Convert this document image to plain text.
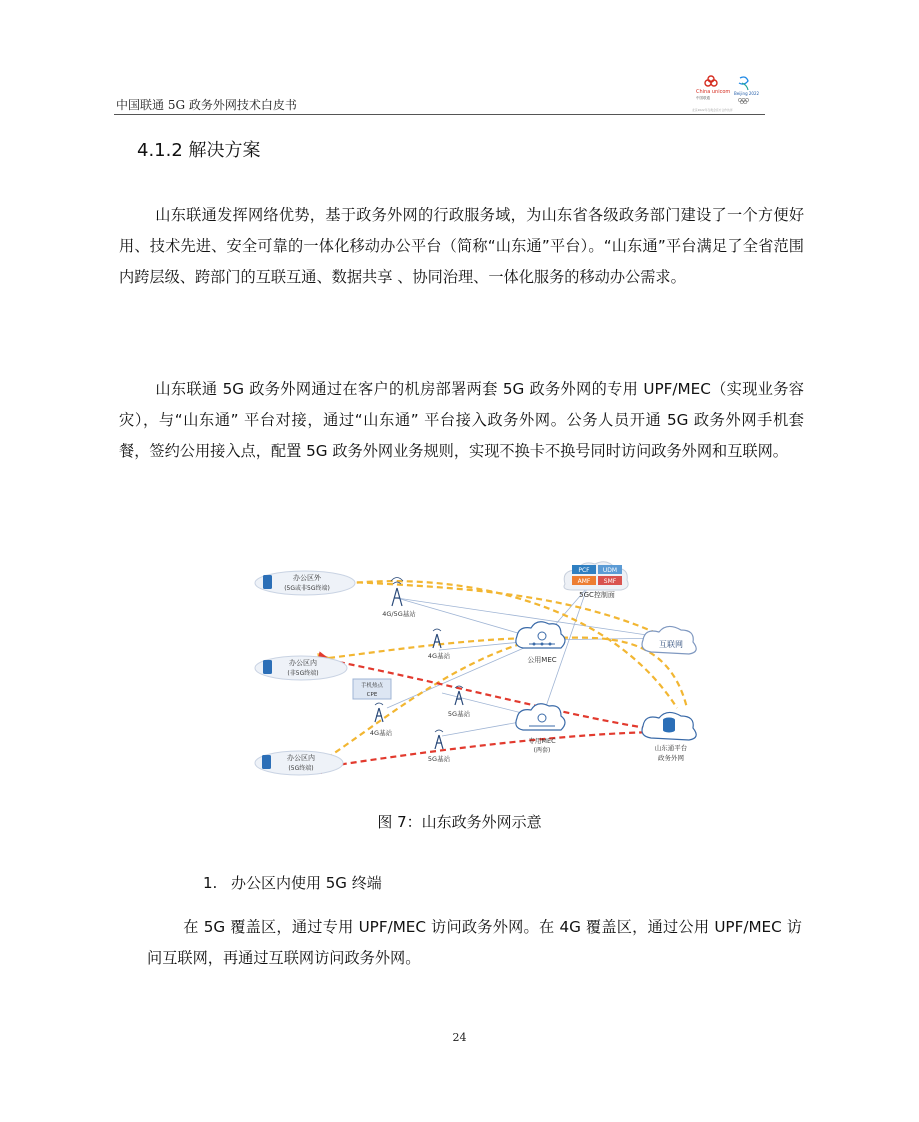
中国联通 5G 政务外网技术白皮书
China unicom
中国联通
Beijing 2022
北京2022年冬奥会官方合作伙伴
4.1.2 解决方案
山东联通发挥网络优势，基于政务外网的行政服务域，为山东省各级政务部门建设了一个方便好用、技术先进、安全可靠的一体化移动办公平台（简称“山东通”平台）。“山东通”平台满足了全省范围内跨层级、跨部门的互联互通、数据共享 、协同治理、一体化服务的移动办公需求。
山东联通 5G 政务外网通过在客户的机房部署两套 5G 政务外网的专用 UPF/MEC（实现业务容灾），与“山东通” 平台对接，通过“山东通” 平台接入政务外网。公务人员开通 5G 政务外网手机套餐，签约公用接入点，配置 5G 政务外网业务规则，实现不换卡不换号同时访问政务外网和互联网。
办公区外
(5G或非5G终端)
办公区内
(非5G终端)
办公区内
(5G终端)
PCF UDM
AMF SMF
5GC控制面
4G/5G基站
4G基站
5G基站
5G基站
4G基站
手机热点
CPE
公用MEC
互联网
专用MEC
(两套)	山东通平台
政务外网
图 7：山东政务外网示意
1. 办公区内使用 5G 终端
在 5G 覆盖区，通过专用 UPF/MEC 访问政务外网。在 4G 覆盖区，通过公用 UPF/MEC 访问互联网，再通过互联网访问政务外网。
24
